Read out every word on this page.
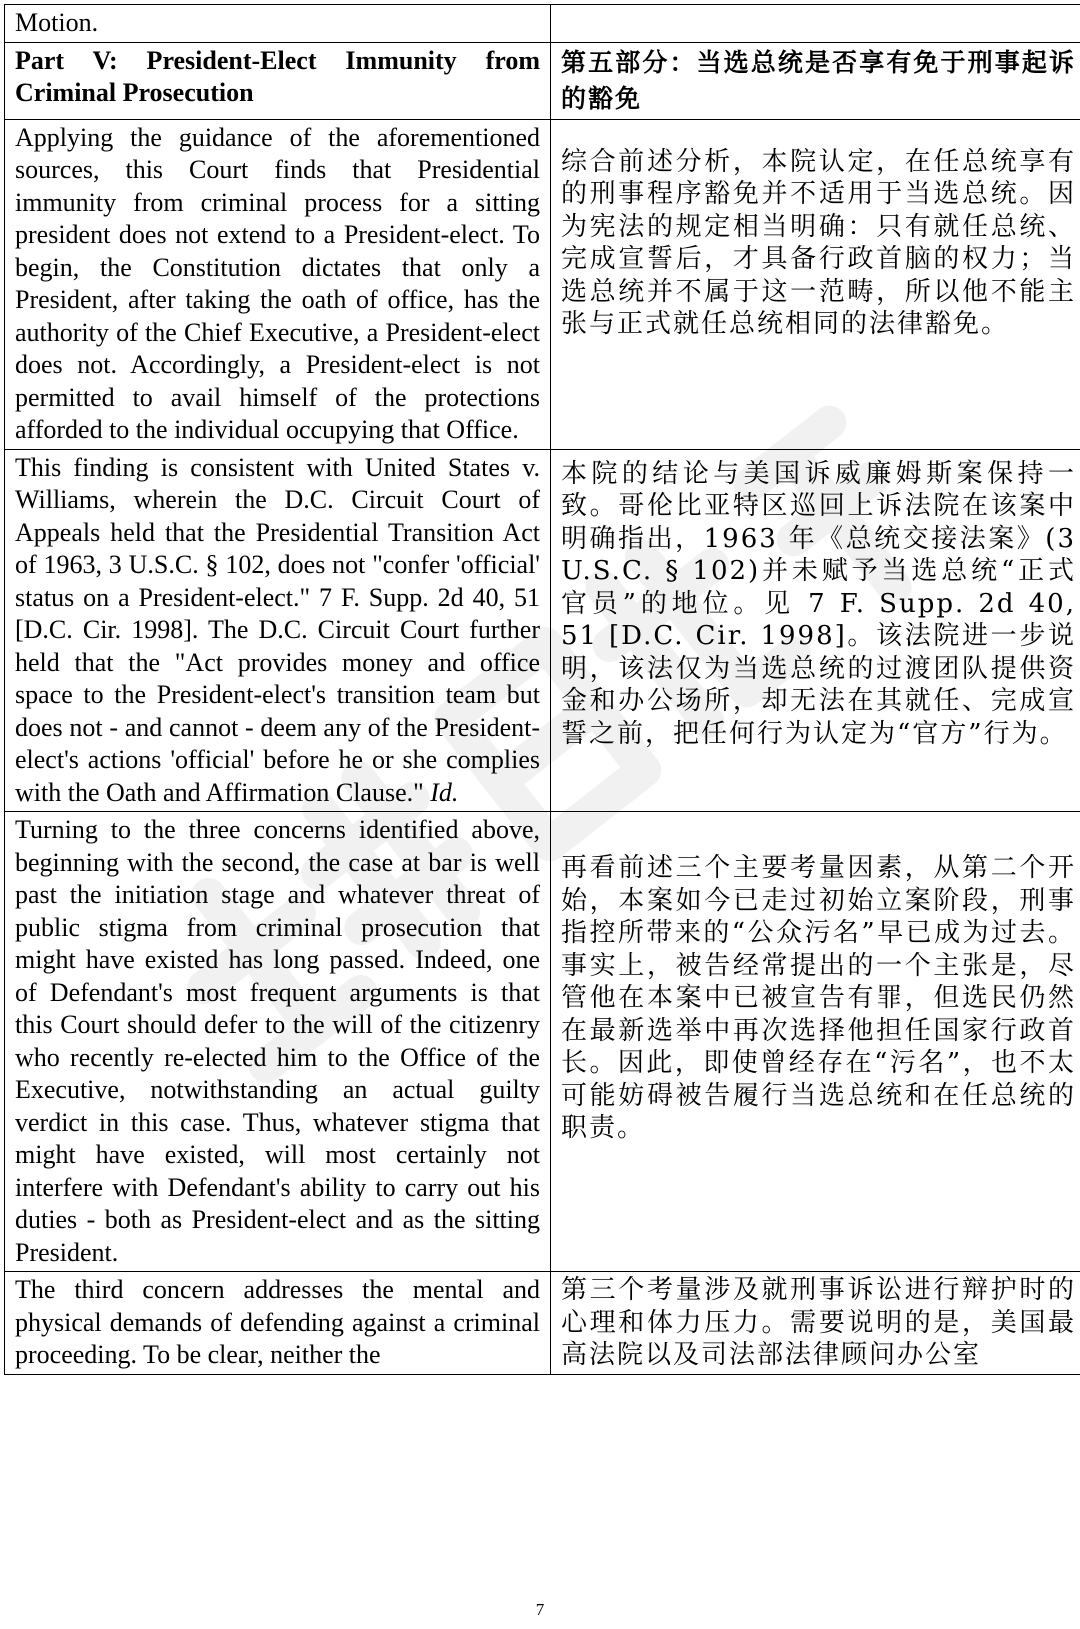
Motion.	
Part V: President-Elect Immunity from Criminal Prosecution	第五部分：当选总统是否享有免于刑事起诉的豁免
Applying the guidance of the aforementioned sources, this Court finds that Presidential immunity from criminal process for a sitting president does not extend to a President-elect. To begin, the Constitution dictates that only a President, after taking the oath of office, has the authority of the Chief Executive, a President-elect does not. Accordingly, a President-elect is not permitted to avail himself of the protections afforded to the individual occupying that Office.	综合前述分析，本院认定，在任总统享有的刑事程序豁免并不适用于当选总统。因为宪法的规定相当明确：只有就任总统、完成宣誓后，才具备行政首脑的权力；当选总统并不属于这一范畴，所以他不能主张与正式就任总统相同的法律豁免。
This finding is consistent with United States v. Williams, wherein the D.C. Circuit Court of Appeals held that the Presidential Transition Act of 1963, 3 U.S.C. § 102, does not "confer 'official' status on a President-elect." 7 F. Supp. 2d 40, 51 [D.C. Cir. 1998]. The D.C. Circuit Court further held that the "Act provides money and office space to the President-elect's transition team but does not - and cannot - deem any of the President-elect's actions 'official' before he or she complies with the Oath and Affirmation Clause." Id.	本院的结论与美国诉威廉姆斯案保持一致。哥伦比亚特区巡回上诉法院在该案中明确指出，1963 年《总统交接法案》(3 U.S.C. § 102)并未赋予当选总统“正式官员”的地位。见 7 F. Supp. 2d 40, 51 [D.C. Cir. 1998]。该法院进一步说明，该法仅为当选总统的过渡团队提供资金和办公场所，却无法在其就任、完成宣誓之前，把任何行为认定为“官方”行为。
Turning to the three concerns identified above, beginning with the second, the case at bar is well past the initiation stage and whatever threat of public stigma from criminal prosecution that might have existed has long passed. Indeed, one of Defendant's most frequent arguments is that this Court should defer to the will of the citizenry who recently re-elected him to the Office of the Executive, notwithstanding an actual guilty verdict in this case. Thus, whatever stigma that might have existed, will most certainly not interfere with Defendant's ability to carry out his duties - both as President-elect and as the sitting President.	再看前述三个主要考量因素，从第二个开始，本案如今已走过初始立案阶段，刑事指控所带来的“公众污名”早已成为过去。事实上，被告经常提出的一个主张是，尽管他在本案中已被宣告有罪，但选民仍然在最新选举中再次选择他担任国家行政首长。因此，即使曾经存在“污名”，也不太可能妨碍被告履行当选总统和在任总统的职责。
The third concern addresses the mental and physical demands of defending against a criminal proceeding. To be clear, neither the	第三个考量涉及就刑事诉讼进行辩护时的心理和体力压力。需要说明的是，美国最高法院以及司法部法律顾问办公室
7
